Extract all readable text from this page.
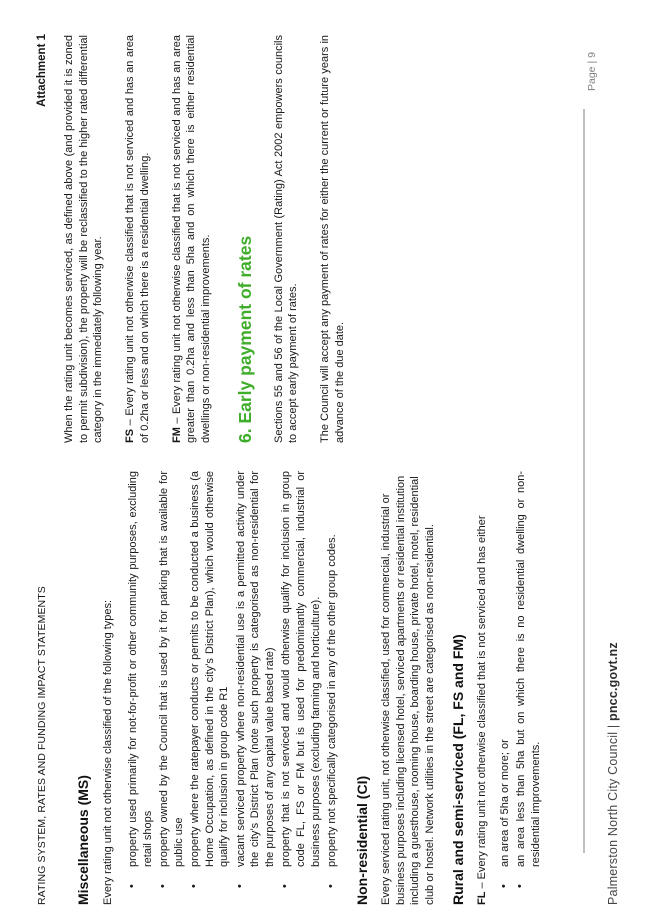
RATING SYSTEM, RATES AND FUNDING IMPACT STATEMENTS
Attachment 1
Miscellaneous (MS) Every rating unit not otherwise classified of the following types: • property used primarily for not-for-profit or other community purposes, excluding retail shops • property owned by the Council that is used by it for parking that is available for public use • property where the ratepayer conducts or permits to be conducted a business (a Home Occupation, as defined in the city’s District Plan), which would otherwise qualify for inclusion in group code R1 • vacant serviced property where non-residential use is a permitted activity under the city’s District Plan (note such property is categorised as non-residential for the purposes of any capital value based rate) • property that is not serviced and would otherwise qualify for inclusion in group code FL, FS or FM but is used for predominantly commercial, industrial or business purposes (excluding farming and horticulture). • property not specifically categorised in any of the other group codes. Non-residential (CI) Every serviced rating unit, not otherwise classified, used for commercial, industrial or business purposes including licensed hotel, serviced apartments or residential institution including a guesthouse, rooming house, boarding house, private hotel, motel, residential club or hostel. Network utilities in the street are categorised as non-residential. Rural and semi-serviced (FL, FS and FM) FL – Every rating unit not otherwise classified that is not serviced and has either • an area of 5ha or more; or • an area less than 5ha but on which there is no residential dwelling or non-residential improvements.

When the rating unit becomes serviced, as defined above (and provided it is zoned to permit subdivision), the property will be reclassified to the higher rated differential category in the immediately following year. FS – Every rating unit not otherwise classified that is not serviced and has an area of 0.2ha or less and on which there is a residential dwelling. FM – Every rating unit not otherwise classified that is not serviced and has an area greater than 0.2ha and less than 5ha and on which there is either residential dwellings or non-residential improvements. 6. Early payment of rates Sections 55 and 56 of the Local Government (Rating) Act 2002 empowers councils to accept early payment of rates. The Council will accept any payment of rates for either the current or future years in advance of the due date.

Page | 9
Palmerston North City Council | pncc.govt.nz
